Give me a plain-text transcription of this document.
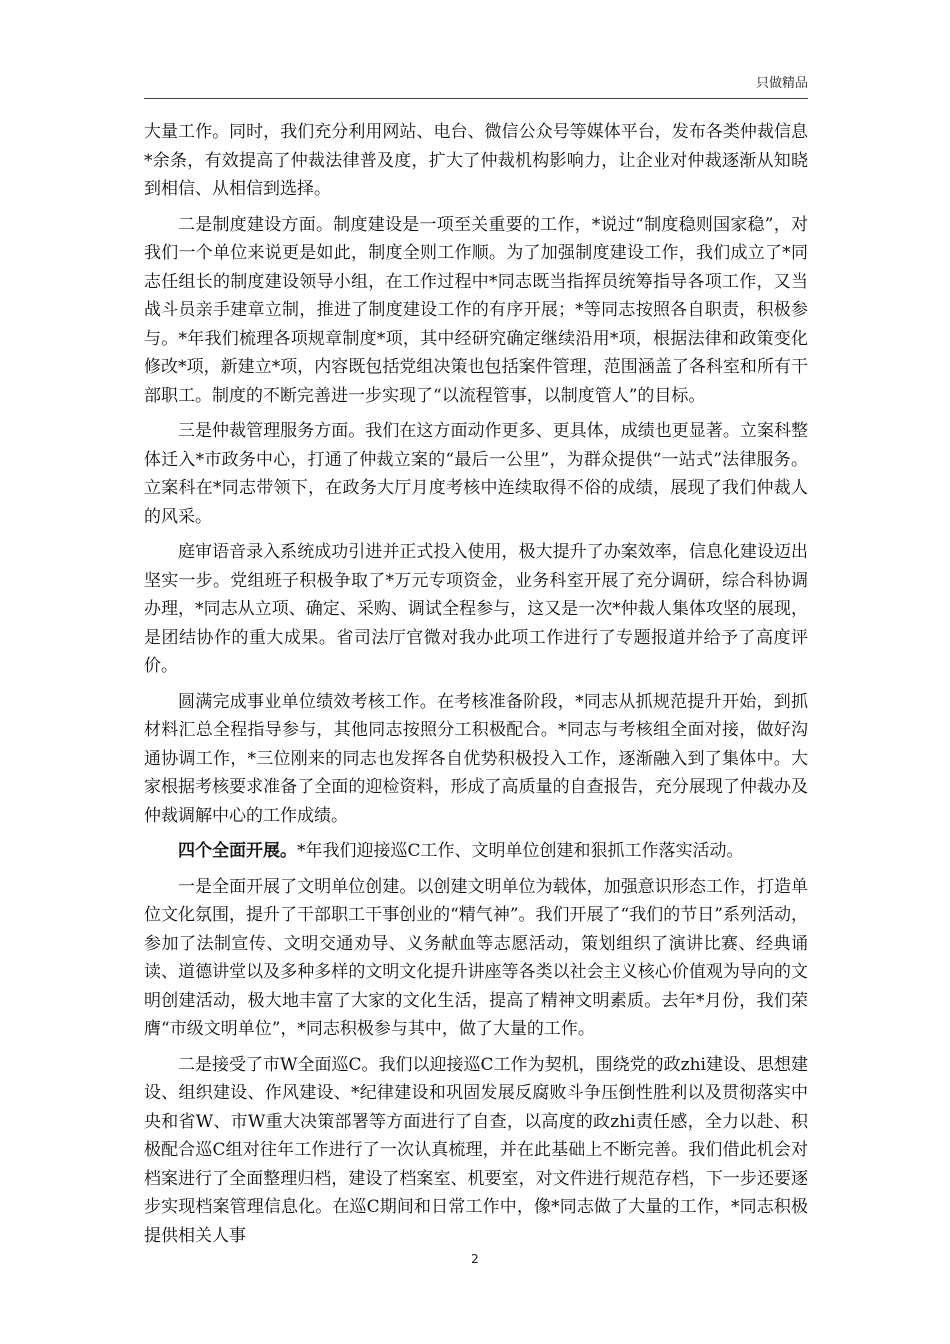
只做精品

大量工作。同时，我们充分利用网站、电台、微信公众号等媒体平台，发布各类仲裁信息*余条，有效提高了仲裁法律普及度，扩大了仲裁机构影响力，让企业对仲裁逐渐从知晓到相信、从相信到选择。

二是制度建设方面。制度建设是一项至关重要的工作，*说过“制度稳则国家稳”，对我们一个单位来说更是如此，制度全则工作顺。为了加强制度建设工作，我们成立了*同志任组长的制度建设领导小组，在工作过程中*同志既当指挥员统筹指导各项工作，又当战斗员亲手建章立制，推进了制度建设工作的有序开展；*等同志按照各自职责，积极参与。*年我们梳理各项规章制度*项，其中经研究确定继续沿用*项，根据法律和政策变化修改*项，新建立*项，内容既包括党组决策也包括案件管理，范围涵盖了各科室和所有干部职工。制度的不断完善进一步实现了“以流程管事，以制度管人”的目标。

三是仲裁管理服务方面。我们在这方面动作更多、更具体，成绩也更显著。立案科整体迁入*市政务中心，打通了仲裁立案的“最后一公里”，为群众提供“一站式”法律服务。立案科在*同志带领下，在政务大厅月度考核中连续取得不俗的成绩，展现了我们仲裁人的风采。

庭审语音录入系统成功引进并正式投入使用，极大提升了办案效率，信息化建设迈出坚实一步。党组班子积极争取了*万元专项资金，业务科室开展了充分调研，综合科协调办理，*同志从立项、确定、采购、调试全程参与，这又是一次*仲裁人集体攻坚的展现，是团结协作的重大成果。省司法厅官微对我办此项工作进行了专题报道并给予了高度评价。

圆满完成事业单位绩效考核工作。在考核准备阶段，*同志从抓规范提升开始，到抓材料汇总全程指导参与，其他同志按照分工积极配合。*同志与考核组全面对接，做好沟通协调工作，*三位刚来的同志也发挥各自优势积极投入工作，逐渐融入到了集体中。大家根据考核要求准备了全面的迎检资料，形成了高质量的自查报告，充分展现了仲裁办及仲裁调解中心的工作成绩。

四个全面开展。*年我们迎接巡C工作、文明单位创建和狠抓工作落实活动。

一是全面开展了文明单位创建。以创建文明单位为载体，加强意识形态工作，打造单位文化氛围，提升了干部职工干事创业的“精气神”。我们开展了“我们的节日”系列活动，参加了法制宣传、文明交通劝导、义务献血等志愿活动，策划组织了演讲比赛、经典诵读、道德讲堂以及多种多样的文明文化提升讲座等各类以社会主义核心价值观为导向的文明创建活动，极大地丰富了大家的文化生活，提高了精神文明素质。去年*月份，我们荣膺“市级文明单位”，*同志积极参与其中，做了大量的工作。

二是接受了市W全面巡C。我们以迎接巡C工作为契机，围绕党的政zhi建设、思想建设、组织建设、作风建设、*纪律建设和巩固发展反腐败斗争压倒性胜利以及贯彻落实中央和省W、市W重大决策部署等方面进行了自查，以高度的政zhi责任感，全力以赴、积极配合巡C组对往年工作进行了一次认真梳理，并在此基础上不断完善。我们借此机会对档案进行了全面整理归档，建设了档案室、机要室，对文件进行规范存档，下一步还要逐步实现档案管理信息化。在巡C期间和日常工作中，像*同志做了大量的工作，*同志积极提供相关人事

2
